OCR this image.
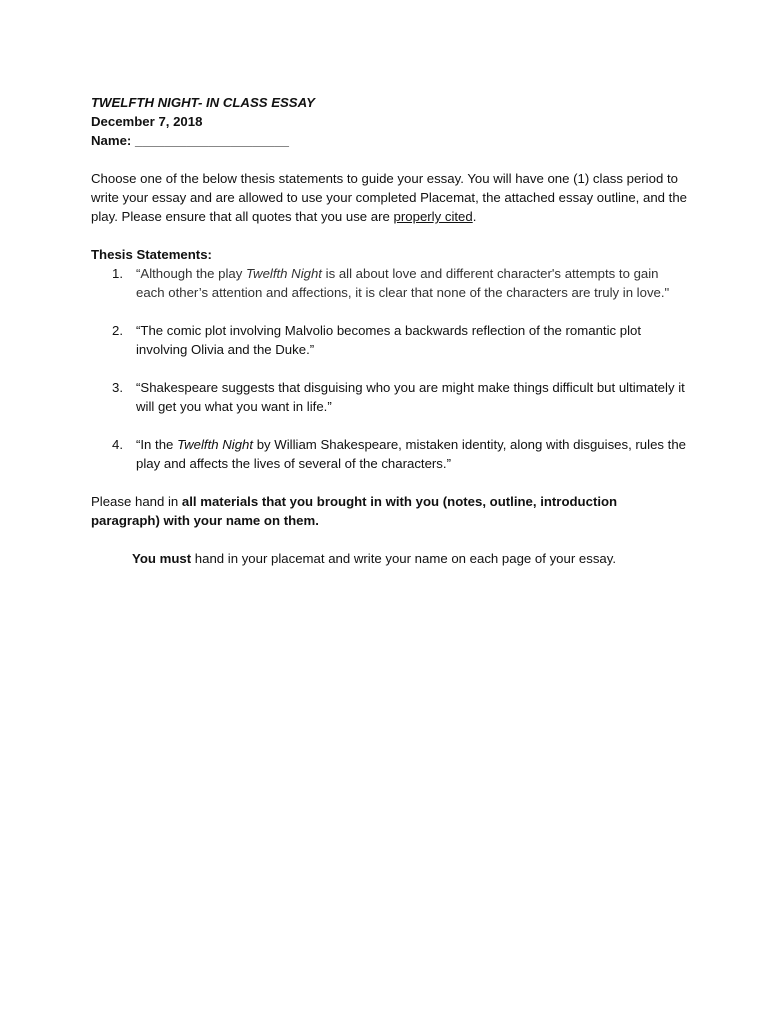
TWELFTH NIGHT- IN CLASS ESSAY
December 7, 2018
Name: _____________________
Choose one of the below thesis statements to guide your essay. You will have one (1) class period to write your essay and are allowed to use your completed Placemat, the attached essay outline, and the play. Please ensure that all quotes that you use are properly cited.
Thesis Statements:
1. “Although the play Twelfth Night is all about love and different character's attempts to gain each other’s attention and affections, it is clear that none of the characters are truly in love."
2. “The comic plot involving Malvolio becomes a backwards reflection of the romantic plot involving Olivia and the Duke.”
3. “Shakespeare suggests that disguising who you are might make things difficult but ultimately it will get you what you want in life.”
4. “In the Twelfth Night by William Shakespeare, mistaken identity, along with disguises, rules the play and affects the lives of several of the characters.”
Please hand in all materials that you brought in with you (notes, outline, introduction paragraph) with your name on them.
You must hand in your placemat and write your name on each page of your essay.
